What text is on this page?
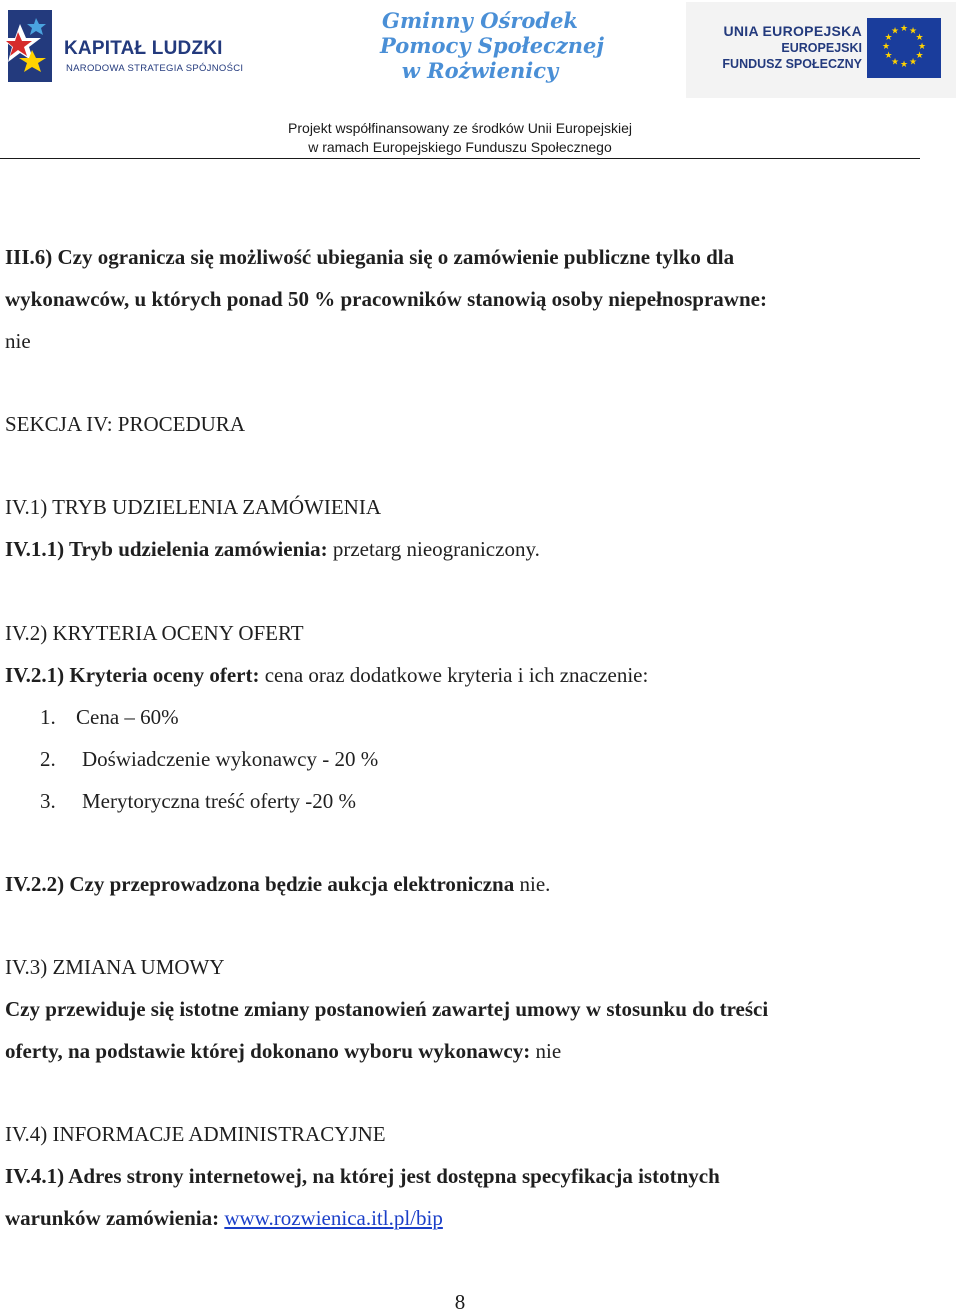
KAPITAŁ LUDZKI
NARODOWA STRATEGIA SPÓJNOŚCI
Gminny Ośrodek
Pomocy Społecznej
w Rożwienicy
UNIA EUROPEJSKA
EUROPEJSKI
FUNDUSZ SPOŁECZNY
★ ★
★
★
★
★
★
★
★
★
★
★
Projekt współfinansowany ze środków Unii Europejskiej
w ramach Europejskiego Funduszu Społecznego
III.6) Czy ogranicza się możliwość ubiegania się o zamówienie publiczne tylko dla
wykonawców, u których ponad 50 % pracowników stanowią osoby niepełnosprawne:
nie
SEKCJA IV: PROCEDURA
IV.1) TRYB UDZIELENIA ZAMÓWIENIA
IV.1.1) Tryb udzielenia zamówienia: przetarg nieograniczony.
IV.2) KRYTERIA OCENY OFERT
IV.2.1) Kryteria oceny ofert: cena oraz dodatkowe kryteria i ich znaczenie:
1. Cena – 60%
2. Doświadczenie wykonawcy - 20 %
3. Merytoryczna treść oferty -20 %
IV.2.2) Czy przeprowadzona będzie aukcja elektroniczna nie.
IV.3) ZMIANA UMOWY
Czy przewiduje się istotne zmiany postanowień zawartej umowy w stosunku do treści
oferty, na podstawie której dokonano wyboru wykonawcy: nie
IV.4) INFORMACJE ADMINISTRACYJNE
IV.4.1) Adres strony internetowej, na której jest dostępna specyfikacja istotnych
warunków zamówienia: www.rozwienica.itl.pl/bip
8
